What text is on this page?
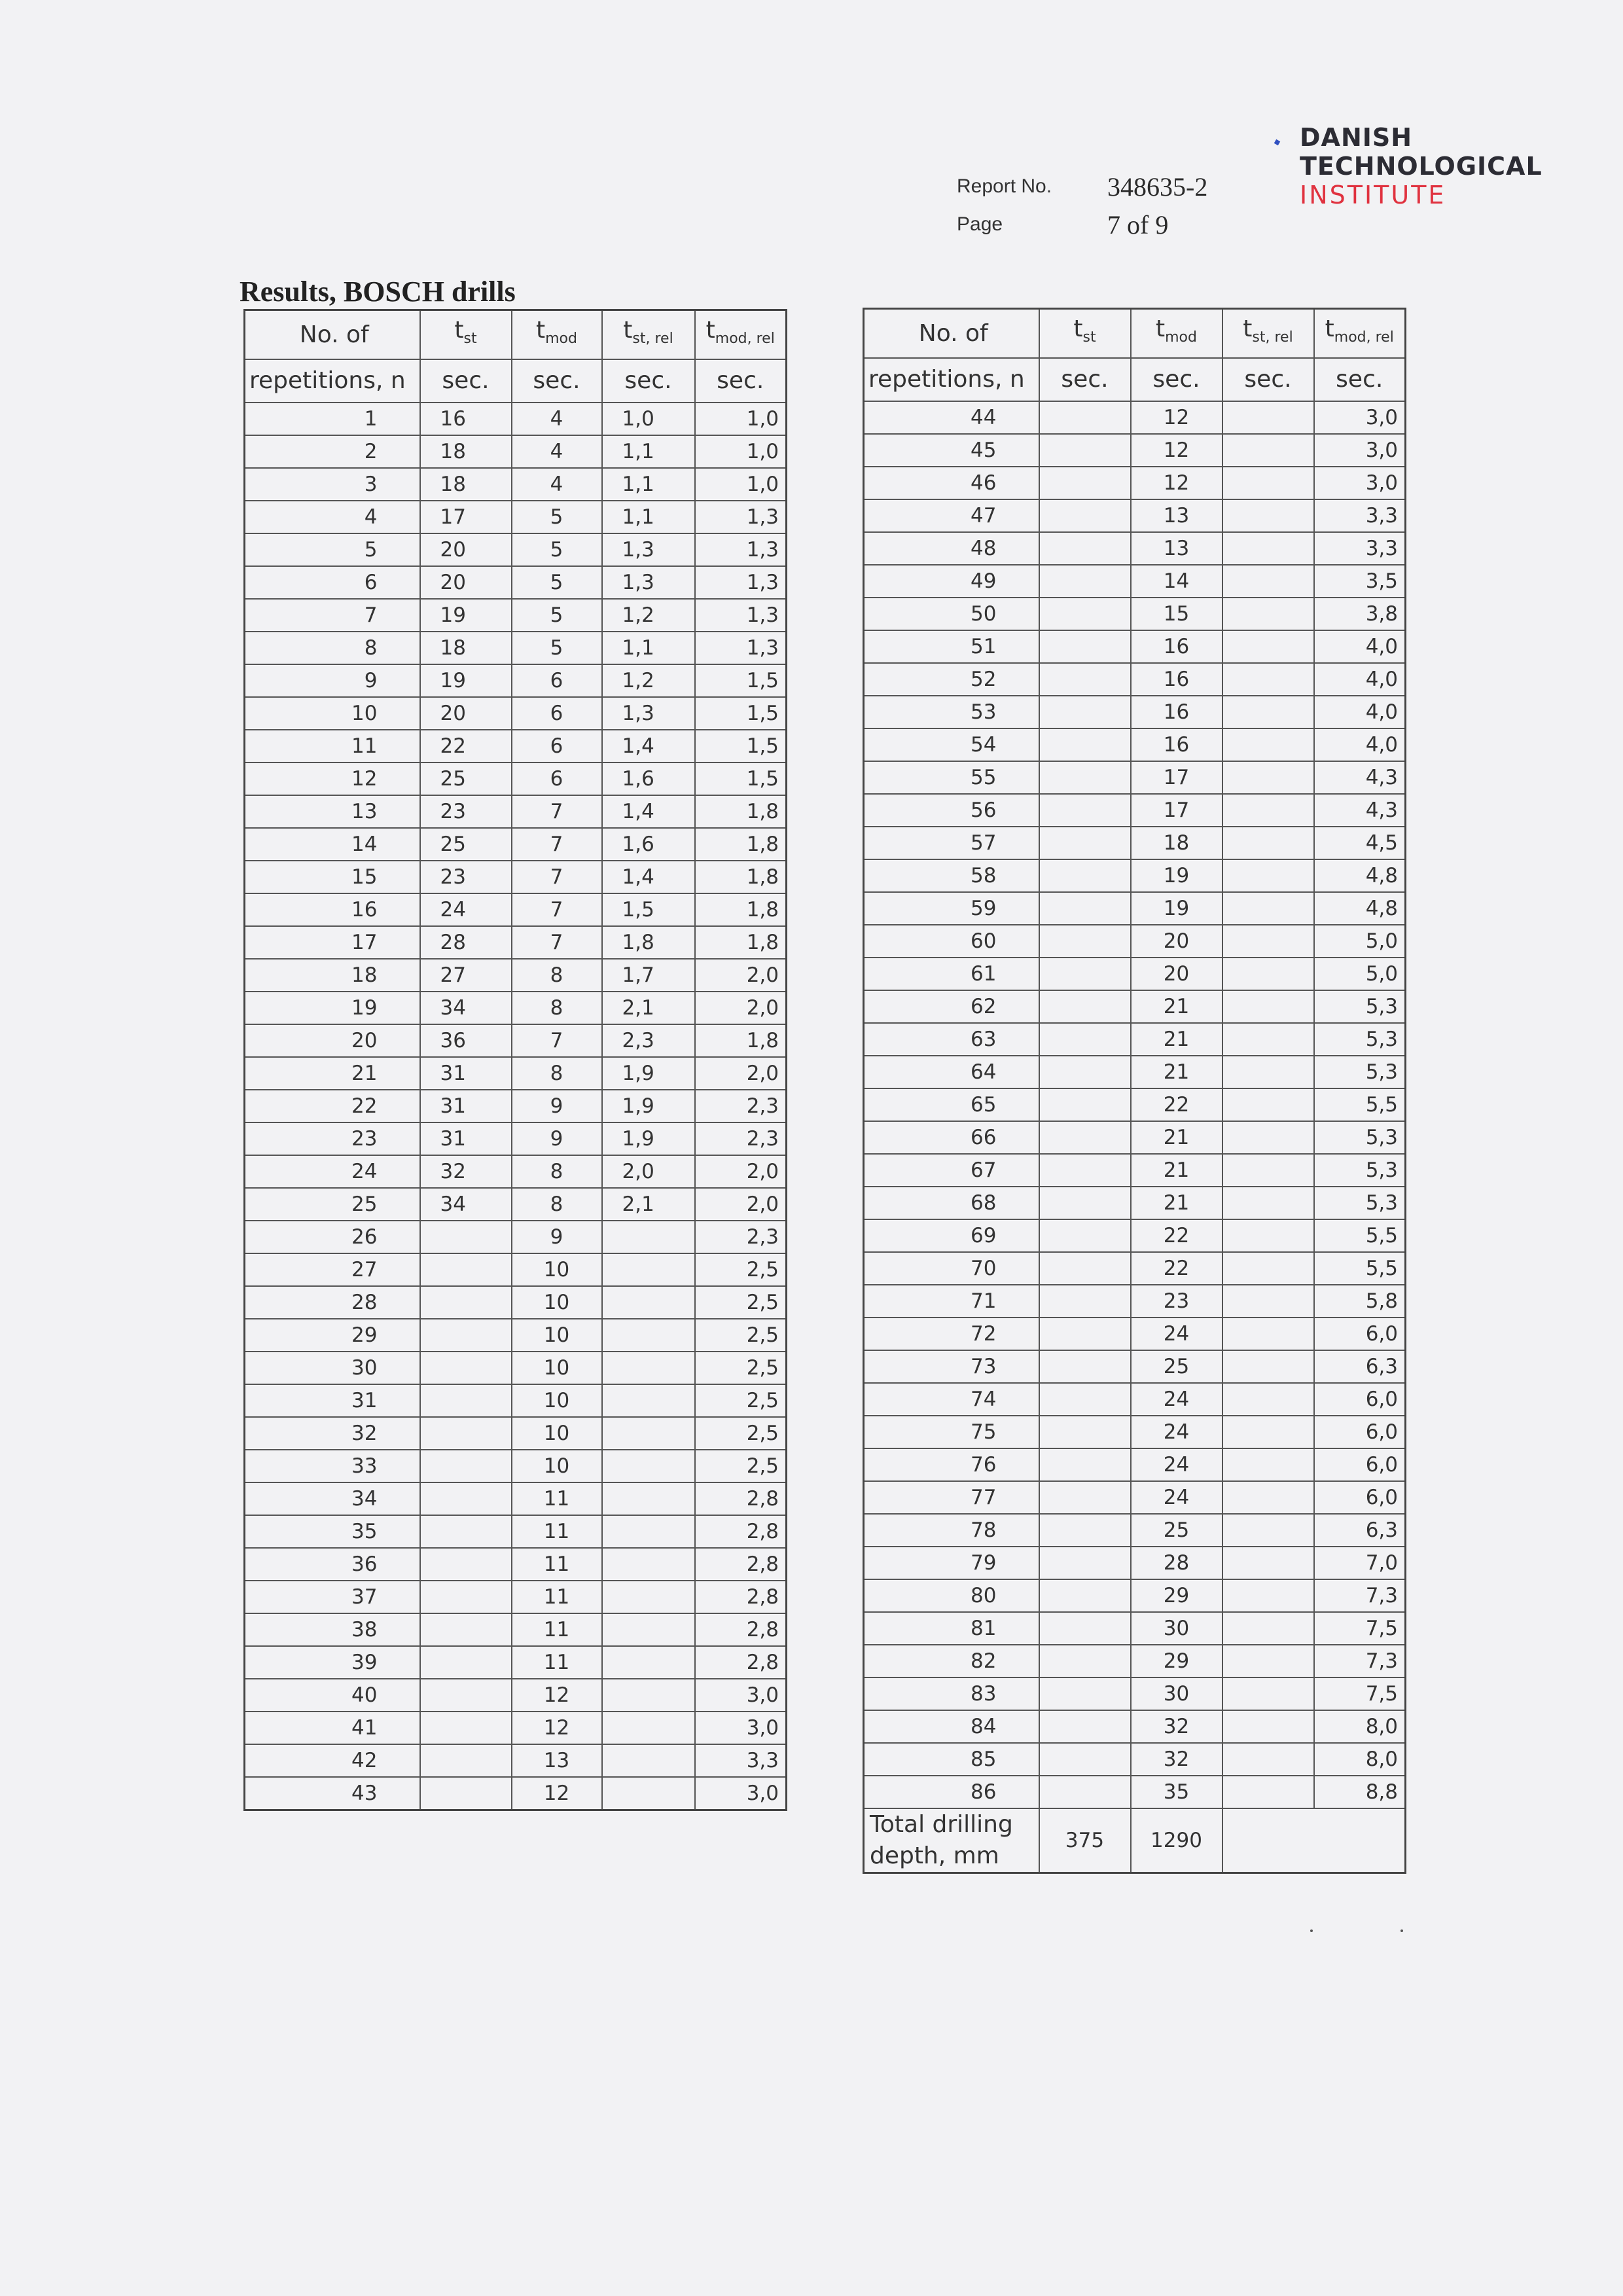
DANISH
TECHNOLOGICAL
INSTITUTE
Report No.	348635-2
Page	7 of 9
Results, BOSCH drills
No. of	$t_{st}$	$t_{mod}$	$t_{st, rel}$	$t_{mod, rel}$
repetitions, n	sec.	sec.	sec.	sec.
1	16	4	1,0	1,0
2	18	4	1,1	1,0
3	18	4	1,1	1,0
4	17	5	1,1	1,3
5	20	5	1,3	1,3
6	20	5	1,3	1,3
7	19	5	1,2	1,3
8	18	5	1,1	1,3
9	19	6	1,2	1,5
10	20	6	1,3	1,5
11	22	6	1,4	1,5
12	25	6	1,6	1,5
13	23	7	1,4	1,8
14	25	7	1,6	1,8
15	23	7	1,4	1,8
16	24	7	1,5	1,8
17	28	7	1,8	1,8
18	27	8	1,7	2,0
19	34	8	2,1	2,0
20	36	7	2,3	1,8
21	31	8	1,9	2,0
22	31	9	1,9	2,3
23	31	9	1,9	2,3
24	32	8	2,0	2,0
25	34	8	2,1	2,0
26		9		2,3
27		10		2,5
28		10		2,5
29		10		2,5
30		10		2,5
31		10		2,5
32		10		2,5
33		10		2,5
34		11		2,8
35		11		2,8
36		11		2,8
37		11		2,8
38		11		2,8
39		11		2,8
40		12		3,0
41		12		3,0
42		13		3,3
43		12		3,0
No. of	$t_{st}$	$t_{mod}$	$t_{st, rel}$	$t_{mod, rel}$
repetitions, n	sec.	sec.	sec.	sec.
44		12		3,0
45		12		3,0
46		12		3,0
47		13		3,3
48		13		3,3
49		14		3,5
50		15		3,8
51		16		4,0
52		16		4,0
53		16		4,0
54		16		4,0
55		17		4,3
56		17		4,3
57		18		4,5
58		19		4,8
59		19		4,8
60		20		5,0
61		20		5,0
62		21		5,3
63		21		5,3
64		21		5,3
65		22		5,5
66		21		5,3
67		21		5,3
68		21		5,3
69		22		5,5
70		22		5,5
71		23		5,8
72		24		6,0
73		25		6,3
74		24		6,0
75		24		6,0
76		24		6,0
77		24		6,0
78		25		6,3
79		28		7,0
80		29		7,3
81		30		7,5
82		29		7,3
83		30		7,5
84		32		8,0
85		32		8,0
86		35		8,8

Total drilling
depth, mm	375	1290		
